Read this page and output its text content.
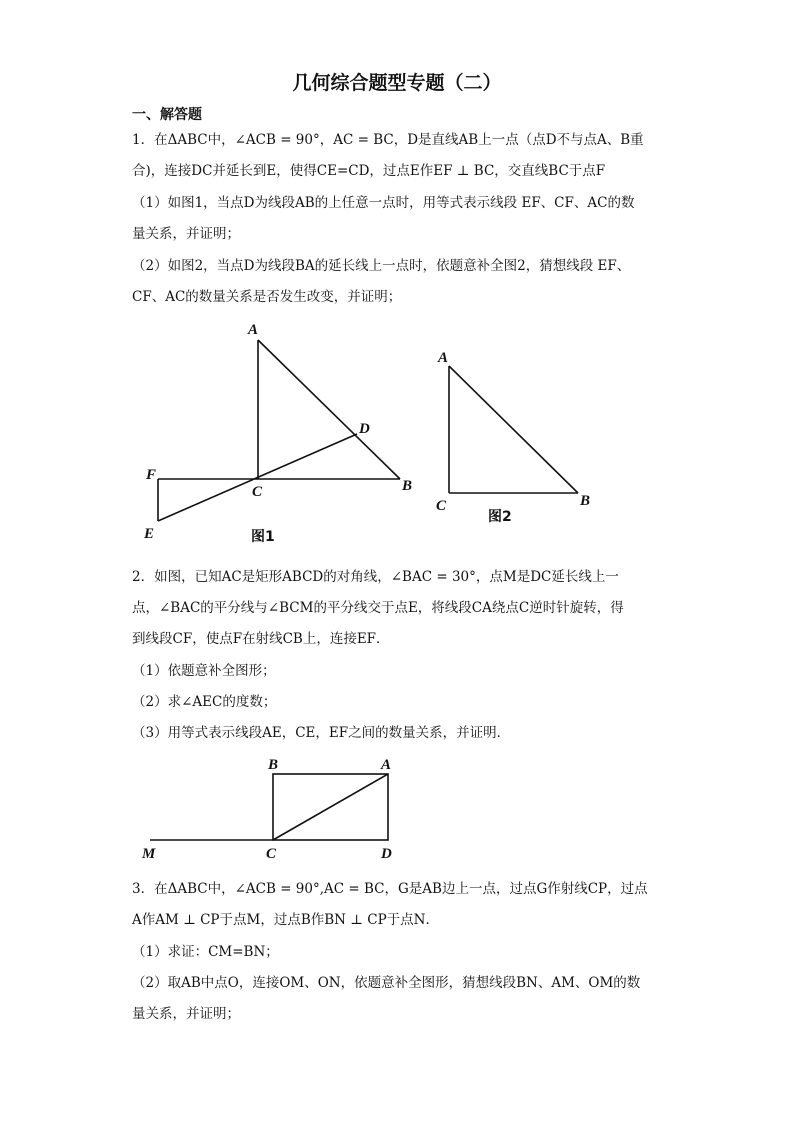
几何综合题型专题（二）
一、解答题
1．在ΔABC中，∠ACB = 90°，AC = BC，D是直线AB上一点（点D不与点A、B重
合)，连接DC并延长到E，使得CE=CD，过点E作EF ⊥ BC，交直线BC于点F
（1）如图1，当点D为线段AB的上任意一点时，用等式表示线段 EF、CF、AC的数
量关系，并证明；
（2）如图2，当点D为线段BA的延长线上一点时，依题意补全图2，猜想线段 EF、
CF、AC的数量关系是否发生改变，并证明；
2．如图，已知AC是矩形ABCD的对角线，∠BAC = 30°，点M是DC延长线上一
点，∠BAC的平分线与∠BCM的平分线交于点E，将线段CA绕点C逆时针旋转，得
到线段CF，使点F在射线CB上，连接EF．
（1）依题意补全图形；
（2）求∠AEC的度数；
（3）用等式表示线段AE，CE，EF之间的数量关系，并证明．
3．在ΔABC中，∠ACB = 90°,AC = BC，G是AB边上一点，过点G作射线CP，过点
A作AM ⊥ CP于点M，过点B作BN ⊥ CP于点N．
（1）求证：CM=BN；
（2）取AB中点O，连接OM、ON，依题意补全图形，猜想线段BN、AM、OM的数
量关系，并证明；
A
D
B
C
F
E	图1
A
C	B
图2
B	A
C	D
M
